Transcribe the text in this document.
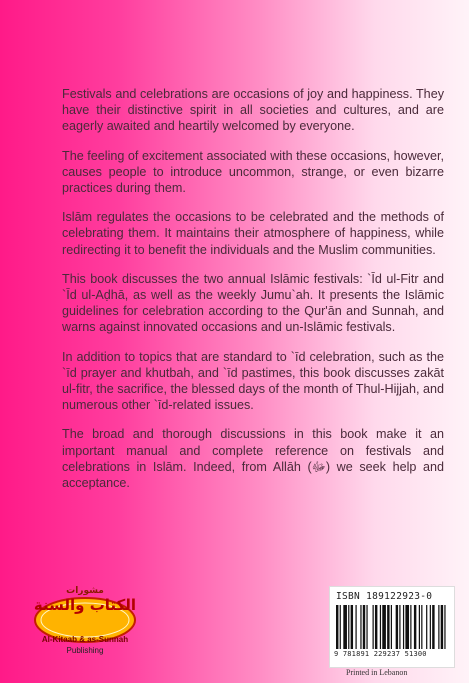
Festivals and celebrations are occasions of joy and happiness. They have their distinctive spirit in all societies and cultures, and are eagerly awaited and heartily welcomed by everyone.

The feeling of excitement associated with these occasions, however, causes people to introduce uncommon, strange, or even bizarre practices during them.

Islām regulates the occasions to be celebrated and the methods of celebrating them. It maintains their atmosphere of happiness, while redirecting it to benefit the individuals and the Muslim communities.

This book discusses the two annual Islāmic festivals: `Īd ul-Fitr and `Īd ul-Aḍhā, as well as the weekly Jumu`ah. It presents the Islāmic guidelines for celebration according to the Qur'ān and Sunnah, and warns against innovated occasions and un-Islāmic festivals.

In addition to topics that are standard to `īd celebration, such as the `īd prayer and khutbah, and `īd pastimes, this book discusses zakāt ul-fitr, the sacrifice, the blessed days of the month of Thul-Hijjah, and numerous other `īd-related issues.

The broad and thorough discussions in this book make it an important manual and complete reference on festivals and celebrations in Islām. Indeed, from Allāh (ﷻ) we seek help and acceptance.

مشورات
الكتاب والسنة
Al-Kitaab & as-Sunnah
Publishing
ISBN 189122923-0
9 781891 229237 51300
Printed in Lebanon
